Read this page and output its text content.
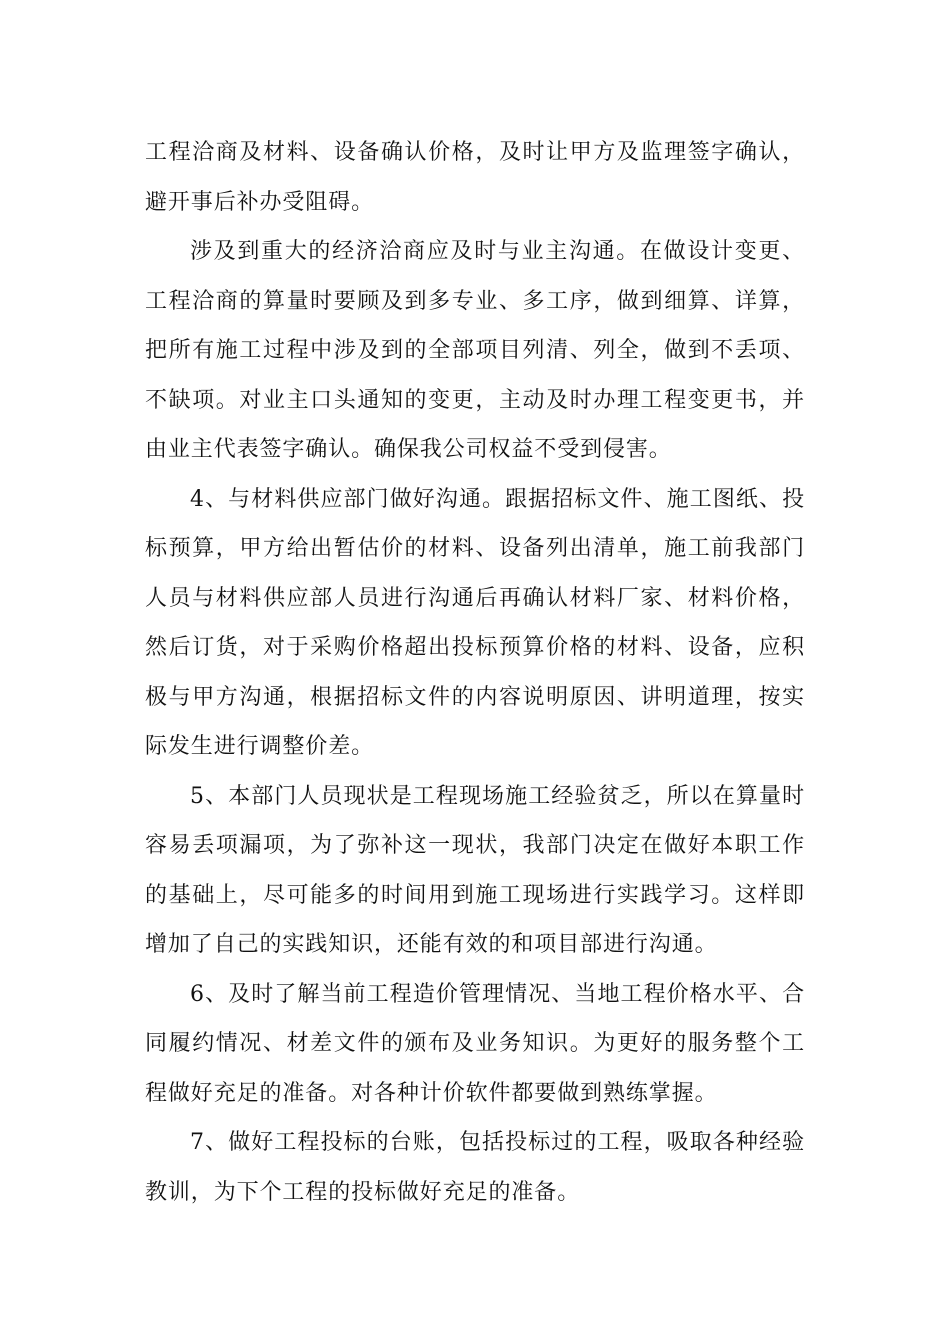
工程洽商及材料、设备确认价格，及时让甲方及监理签字确认，避开事后补办受阻碍。

涉及到重大的经济洽商应及时与业主沟通。在做设计变更、工程洽商的算量时要顾及到多专业、多工序，做到细算、详算，把所有施工过程中涉及到的全部项目列清、列全，做到不丢项、不缺项。对业主口头通知的变更，主动及时办理工程变更书，并由业主代表签字确认。确保我公司权益不受到侵害。

4、与材料供应部门做好沟通。跟据招标文件、施工图纸、投标预算，甲方给出暂估价的材料、设备列出清单，施工前我部门人员与材料供应部人员进行沟通后再确认材料厂家、材料价格，然后订货，对于采购价格超出投标预算价格的材料、设备，应积极与甲方沟通，根据招标文件的内容说明原因、讲明道理，按实际发生进行调整价差。

5、本部门人员现状是工程现场施工经验贫乏，所以在算量时容易丢项漏项，为了弥补这一现状，我部门决定在做好本职工作的基础上，尽可能多的时间用到施工现场进行实践学习。这样即增加了自己的实践知识，还能有效的和项目部进行沟通。

6、及时了解当前工程造价管理情况、当地工程价格水平、合同履约情况、材差文件的颁布及业务知识。为更好的服务整个工程做好充足的准备。对各种计价软件都要做到熟练掌握。

7、做好工程投标的台账，包括投标过的工程，吸取各种经验教训，为下个工程的投标做好充足的准备。
